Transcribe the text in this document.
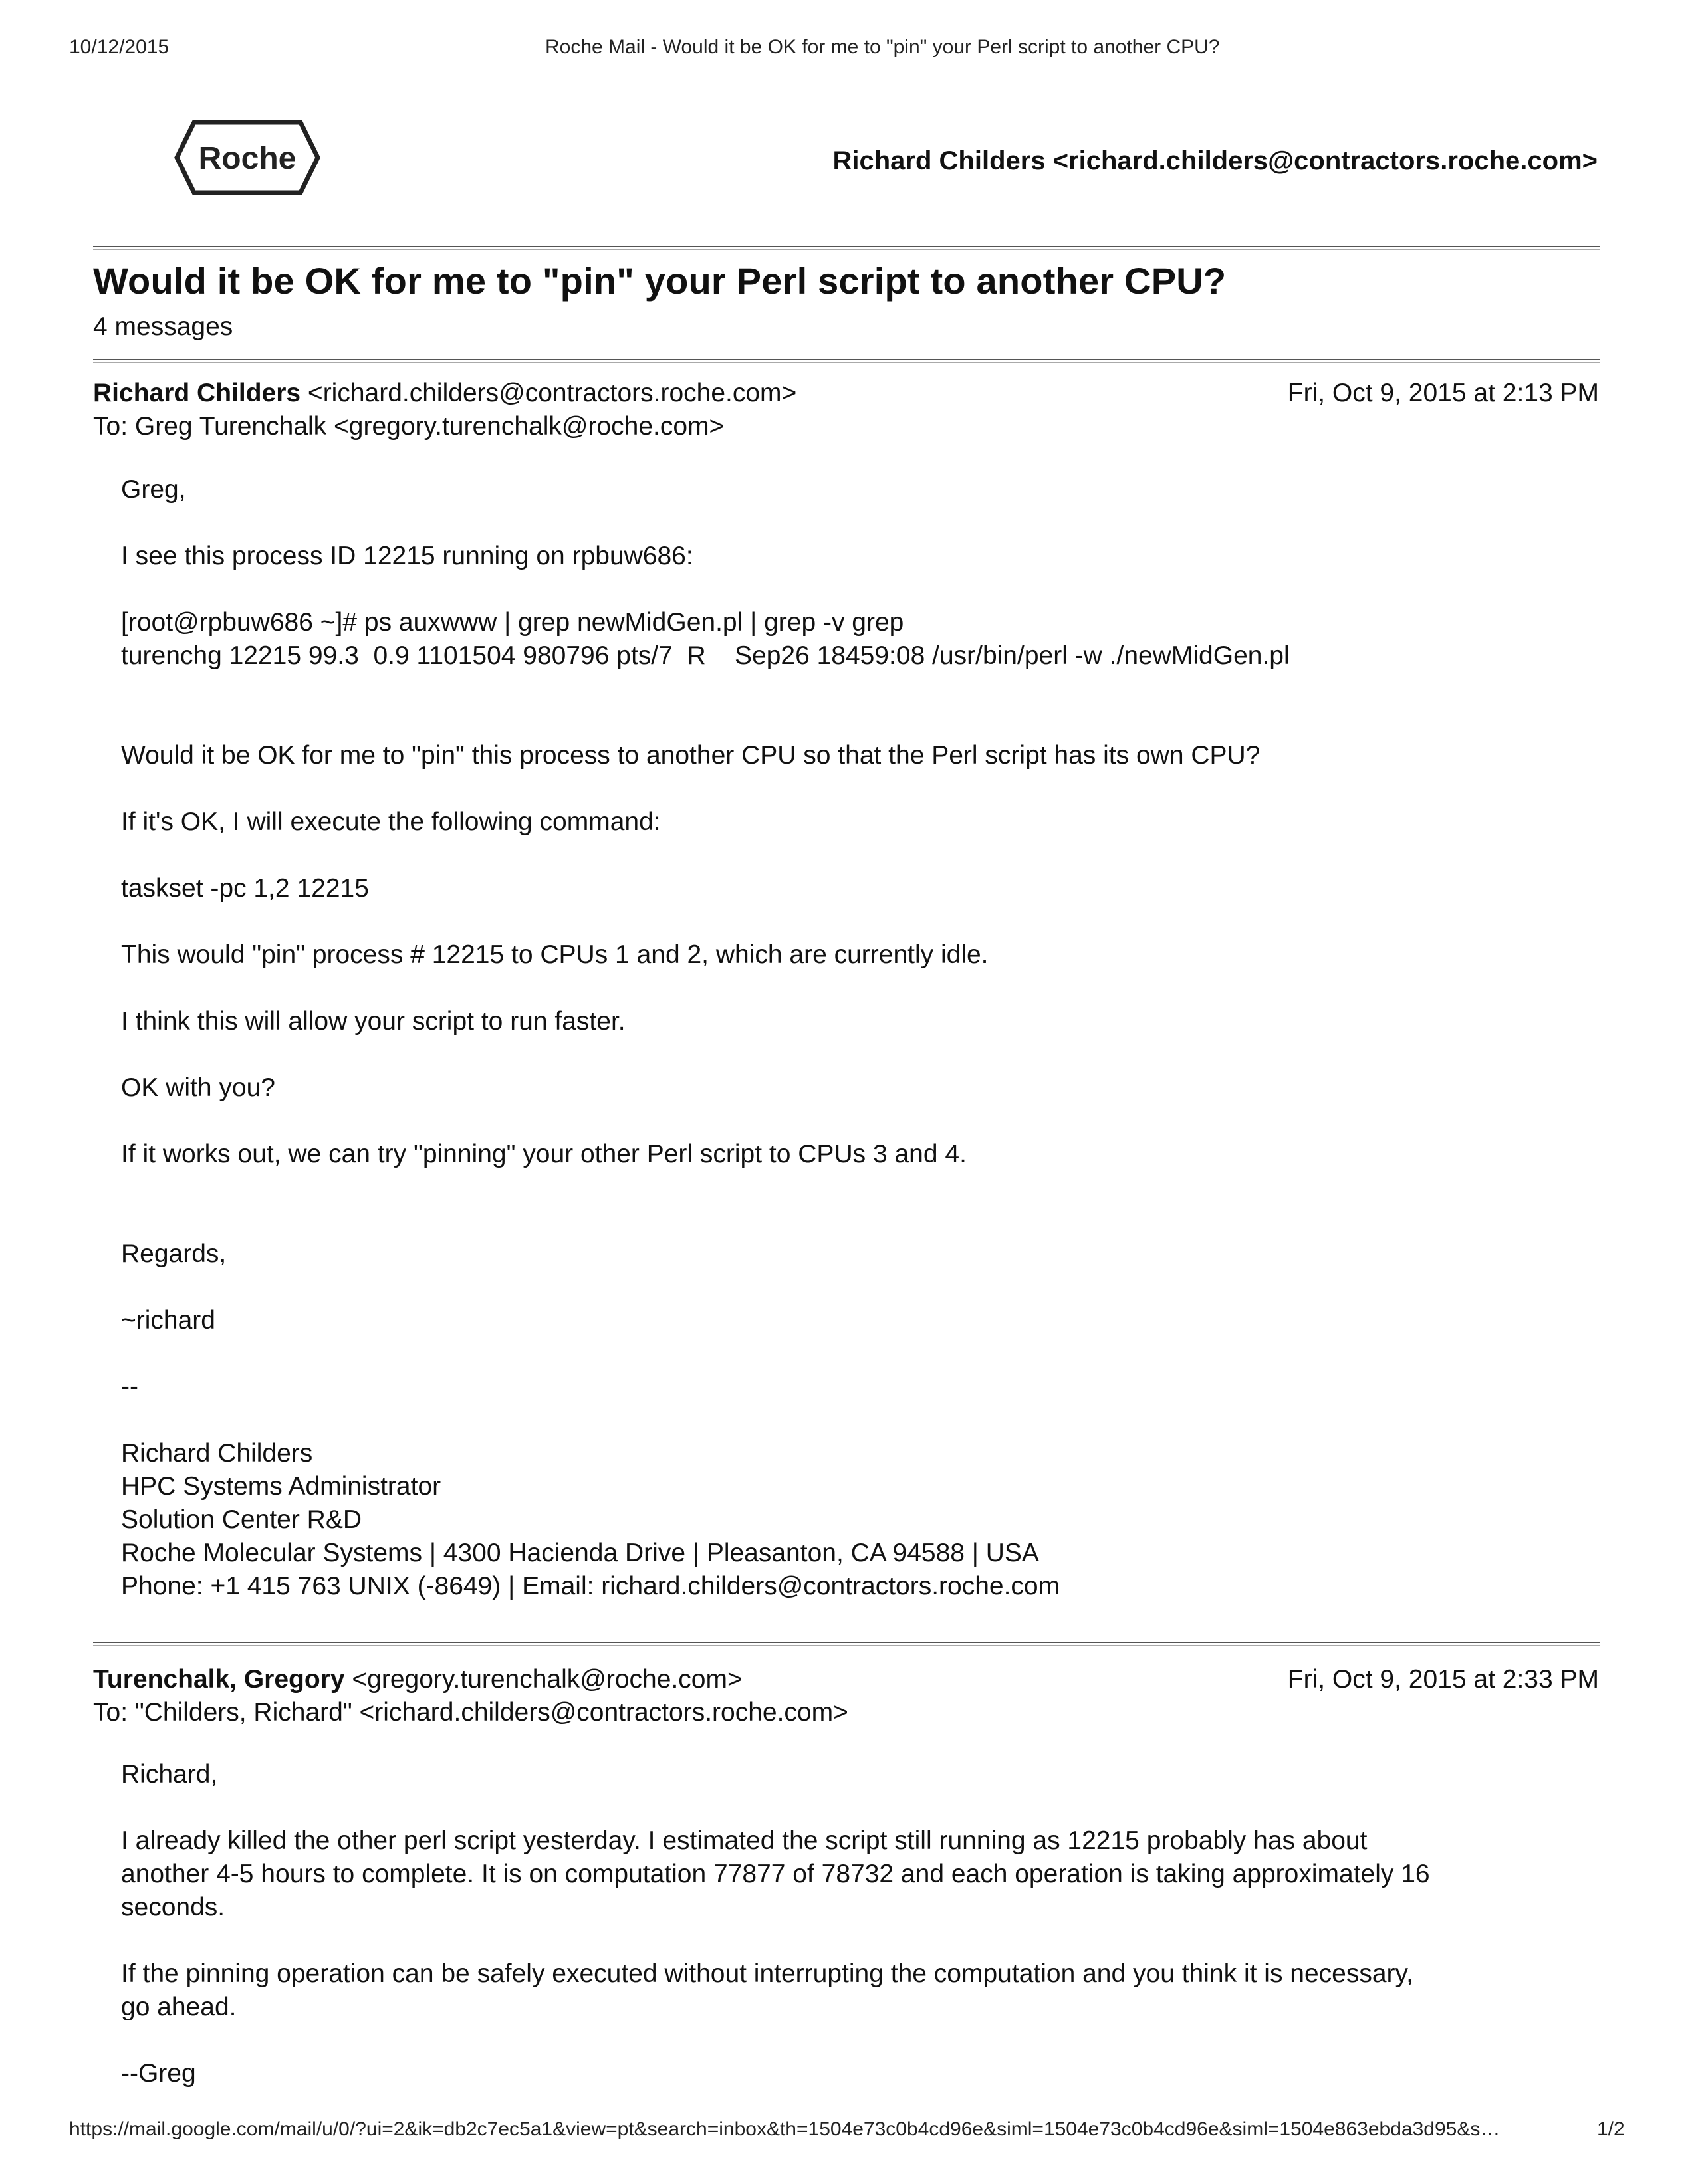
10/12/2015	Roche Mail - Would it be OK for me to "pin" your Perl script to another CPU?
Roche	Richard Childers <richard.childers@contractors.roche.com>
Would it be OK for me to "pin" your Perl script to another CPU?
4 messages
Richard Childers <richard.childers@contractors.roche.com>	Fri, Oct 9, 2015 at 2:13 PM
To: Greg Turenchalk <gregory.turenchalk@roche.com>

Greg,

I see this process ID 12215 running on rpbuw686:

[root@rpbuw686 ~]# ps auxwww | grep newMidGen.pl | grep -v grep

turenchg 12215 99.3  0.9 1101504 980796 pts/7  R    Sep26 18459:08 /usr/bin/perl -w ./newMidGen.pl

Would it be OK for me to "pin" this process to another CPU so that the Perl script has its own CPU?

If it's OK, I will execute the following command:

taskset -pc 1,2 12215

This would "pin" process # 12215 to CPUs 1 and 2, which are currently idle.

I think this will allow your script to run faster.

OK with you?

If it works out, we can try "pinning" your other Perl script to CPUs 3 and 4.

Regards,

~richard

--

Richard Childers

HPC Systems Administrator

Solution Center R&D

Roche Molecular Systems | 4300 Hacienda Drive | Pleasanton, CA 94588 | USA

Phone: +1 415 763 UNIX (-8649) | Email: richard.childers@contractors.roche.com

Turenchalk, Gregory <gregory.turenchalk@roche.com>	Fri, Oct 9, 2015 at 2:33 PM
To: "Childers, Richard" <richard.childers@contractors.roche.com>

Richard,

I already killed the other perl script yesterday. I estimated the script still running as 12215 probably has about

another 4-5 hours to complete. It is on computation 77877 of 78732 and each operation is taking approximately 16

seconds.

If the pinning operation can be safely executed without interrupting the computation and you think it is necessary,

go ahead.

--Greg

https://mail.google.com/mail/u/0/?ui=2&ik=db2c7ec5a1&view=pt&search=inbox&th=1504e73c0b4cd96e&siml=1504e73c0b4cd96e&siml=1504e863ebda3d95&s…	1/2
